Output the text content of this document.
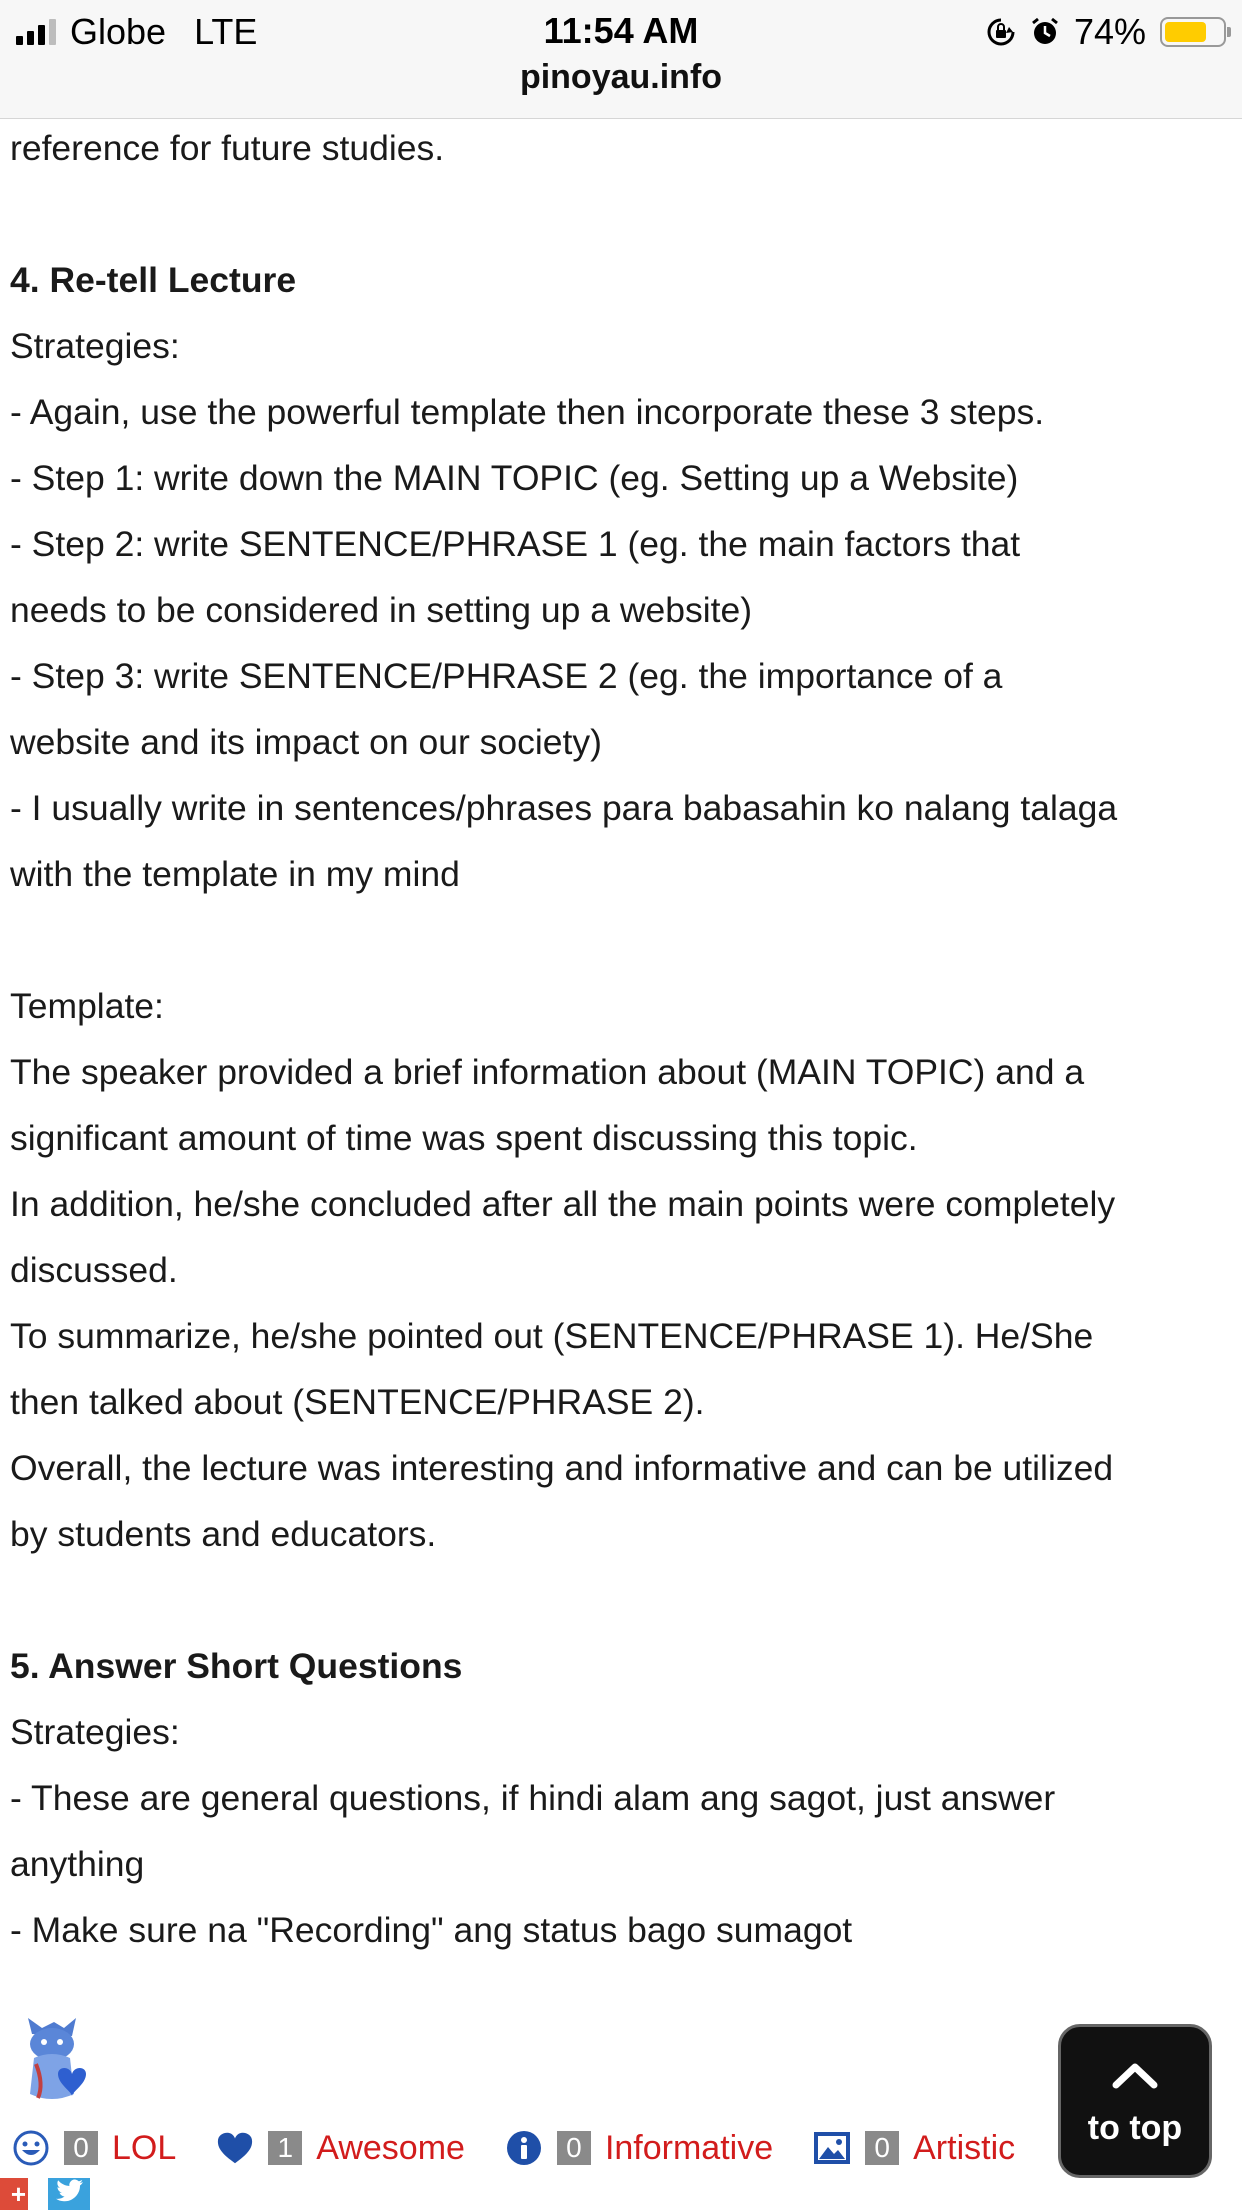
Globe LTE	11:54 AM
pinoyau.info
74%

reference for future studies.

4. Re-tell Lecture

Strategies:

- Again, use the powerful template then incorporate these 3 steps.

- Step 1: write down the MAIN TOPIC (eg. Setting up a Website)

- Step 2: write SENTENCE/PHRASE 1 (eg. the main factors that

needs to be considered in setting up a website)

- Step 3: write SENTENCE/PHRASE 2 (eg. the importance of a

website and its impact on our society)

- I usually write in sentences/phrases para babasahin ko nalang talaga

with the template in my mind

Template:

The speaker provided a brief information about (MAIN TOPIC) and a

significant amount of time was spent discussing this topic.

In addition, he/she concluded after all the main points were completely

discussed.

To summarize, he/she pointed out (SENTENCE/PHRASE 1). He/She

then talked about (SENTENCE/PHRASE 2).

Overall, the lecture was interesting and informative and can be utilized

by students and educators.

5. Answer Short Questions

Strategies:

- These are general questions, if hindi alam ang sagot, just answer

anything

- Make sure na "Recording" ang status bago sumagot

0 LOL	1 Awesome	0 Informative	0 Artistic
+
to top
